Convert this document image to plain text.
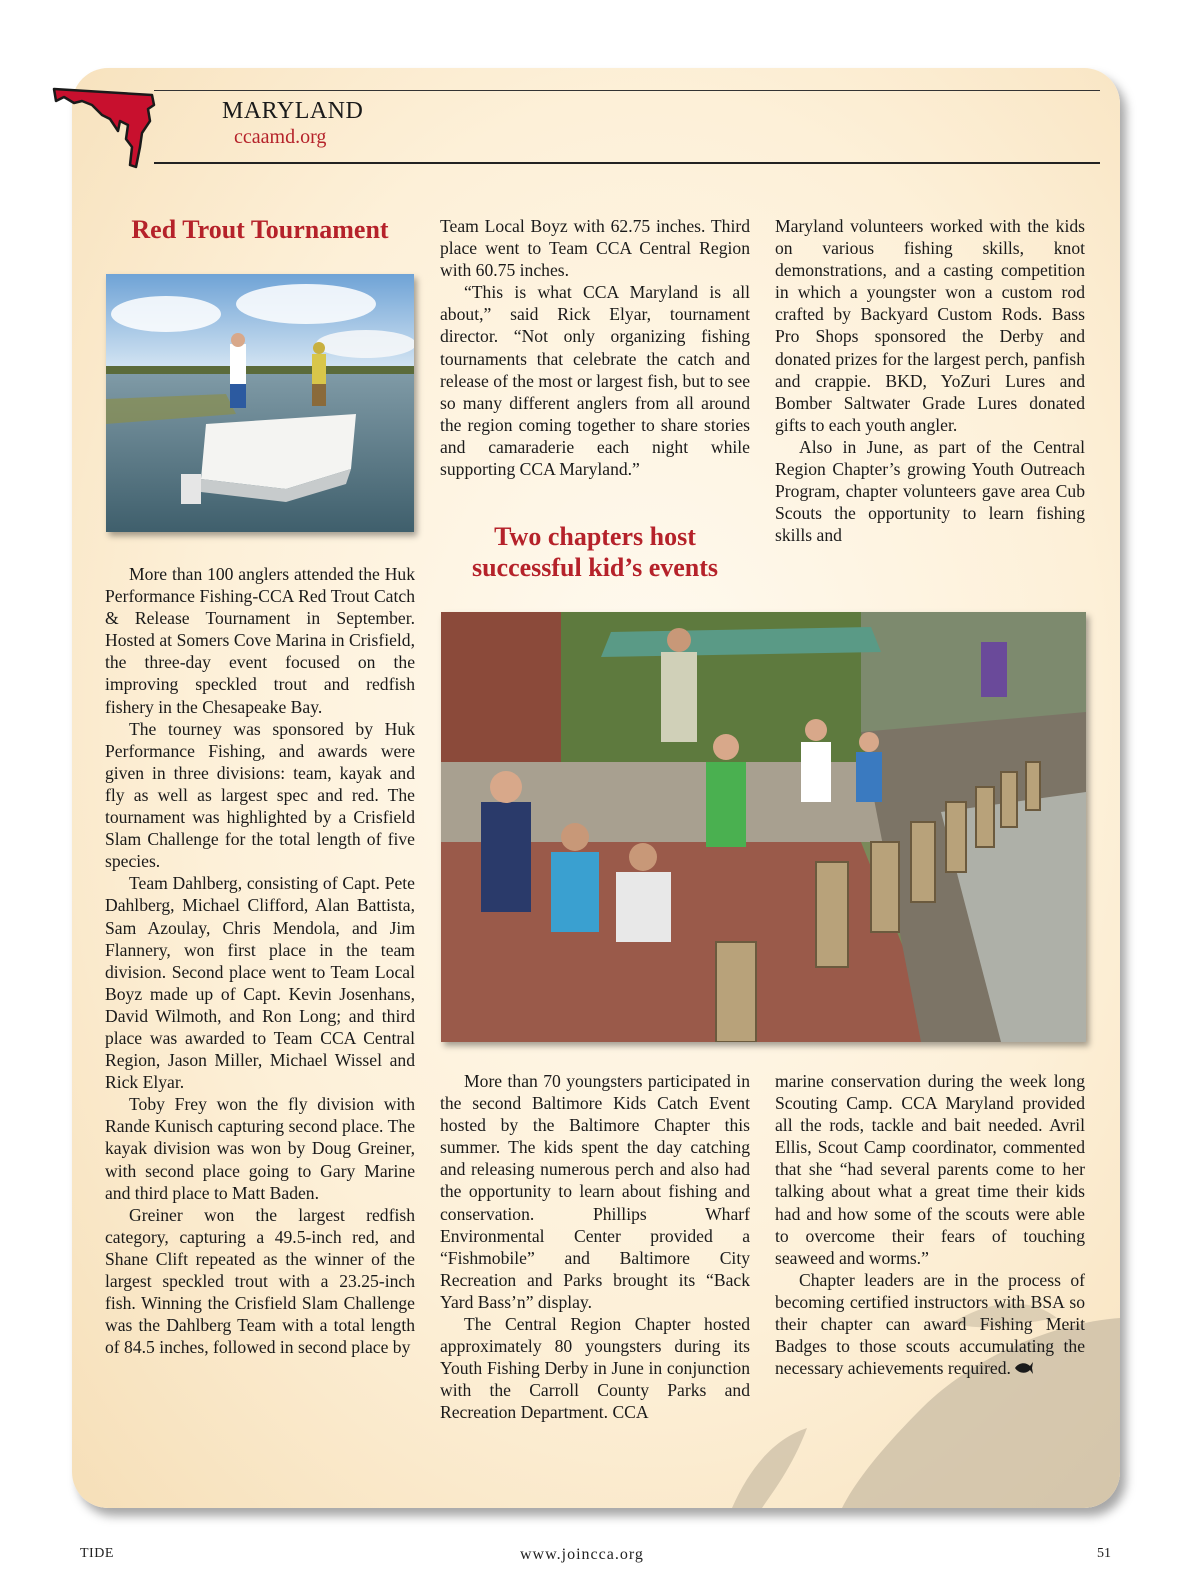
MARYLAND
ccaamd.org
Red Trout Tournament

More than 100 anglers attended the Huk Performance Fishing-CCA Red Trout Catch & Release Tournament in September. Hosted at Somers Cove Marina in Crisfield, the three-day event focused on the improving speckled trout and redfish fishery in the Chesapeake Bay.

The tourney was sponsored by Huk Performance Fishing, and awards were given in three divisions: team, kayak and fly as well as largest spec and red. The tournament was highlighted by a Crisfield Slam Challenge for the total length of five species.

Team Dahlberg, consisting of Capt. Pete Dahlberg, Michael Clifford, Alan Battista, Sam Azoulay, Chris Mendola, and Jim Flannery, won first place in the team division. Second place went to Team Local Boyz made up of Capt. Kevin Josenhans, David Wilmoth, and Ron Long; and third place was awarded to Team CCA Central Region, Jason Miller, Michael Wissel and Rick Elyar.

Toby Frey won the fly division with Rande Kunisch capturing second place. The kayak division was won by Doug Greiner, with second place going to Gary Marine and third place to Matt Baden.

Greiner won the largest redfish category, capturing a 49.5-inch red, and Shane Clift repeated as the winner of the largest speckled trout with a 23.25-inch fish. Winning the Crisfield Slam Challenge was the Dahlberg Team with a total length of 84.5 inches, followed in second place by

Team Local Boyz with 62.75 inches. Third place went to Team CCA Central Region with 60.75 inches.

“This is what CCA Maryland is all about,” said Rick Elyar, tournament director. “Not only organizing fishing tournaments that celebrate the catch and release of the most or largest fish, but to see so many different anglers from all around the region coming together to share stories and camaraderie each night while supporting CCA Maryland.”

Two chapters host
successful kid’s events

Maryland volunteers worked with the kids on various fishing skills, knot demonstrations, and a casting competition in which a youngster won a custom rod crafted by Backyard Custom Rods. Bass Pro Shops sponsored the Derby and donated prizes for the largest perch, panfish and crappie. BKD, YoZuri Lures and Bomber Saltwater Grade Lures donated gifts to each youth angler.

Also in June, as part of the Central Region Chapter’s growing Youth Outreach Program, chapter volunteers gave area Cub Scouts the opportunity to learn fishing skills and

More than 70 youngsters participated in the second Baltimore Kids Catch Event hosted by the Baltimore Chapter this summer. The kids spent the day catching and releasing numerous perch and also had the opportunity to learn about fishing and conservation. Phillips Wharf Environmental Center provided a “Fishmobile” and Baltimore City Recreation and Parks brought its “Back Yard Bass’n” display.

The Central Region Chapter hosted approximately 80 youngsters during its Youth Fishing Derby in June in conjunction with the Carroll County Parks and Recreation Department. CCA

marine conservation during the week long Scouting Camp. CCA Maryland provided all the rods, tackle and bait needed. Avril Ellis, Scout Camp coordinator, commented that she “had several parents come to her talking about what a great time their kids had and how some of the scouts were able to overcome their fears of touching seaweed and worms.”

Chapter leaders are in the process of becoming certified instructors with BSA so their chapter can award Fishing Merit Badges to those scouts accumulating the necessary achievements required.

TIDE	www.joincca.org	51
